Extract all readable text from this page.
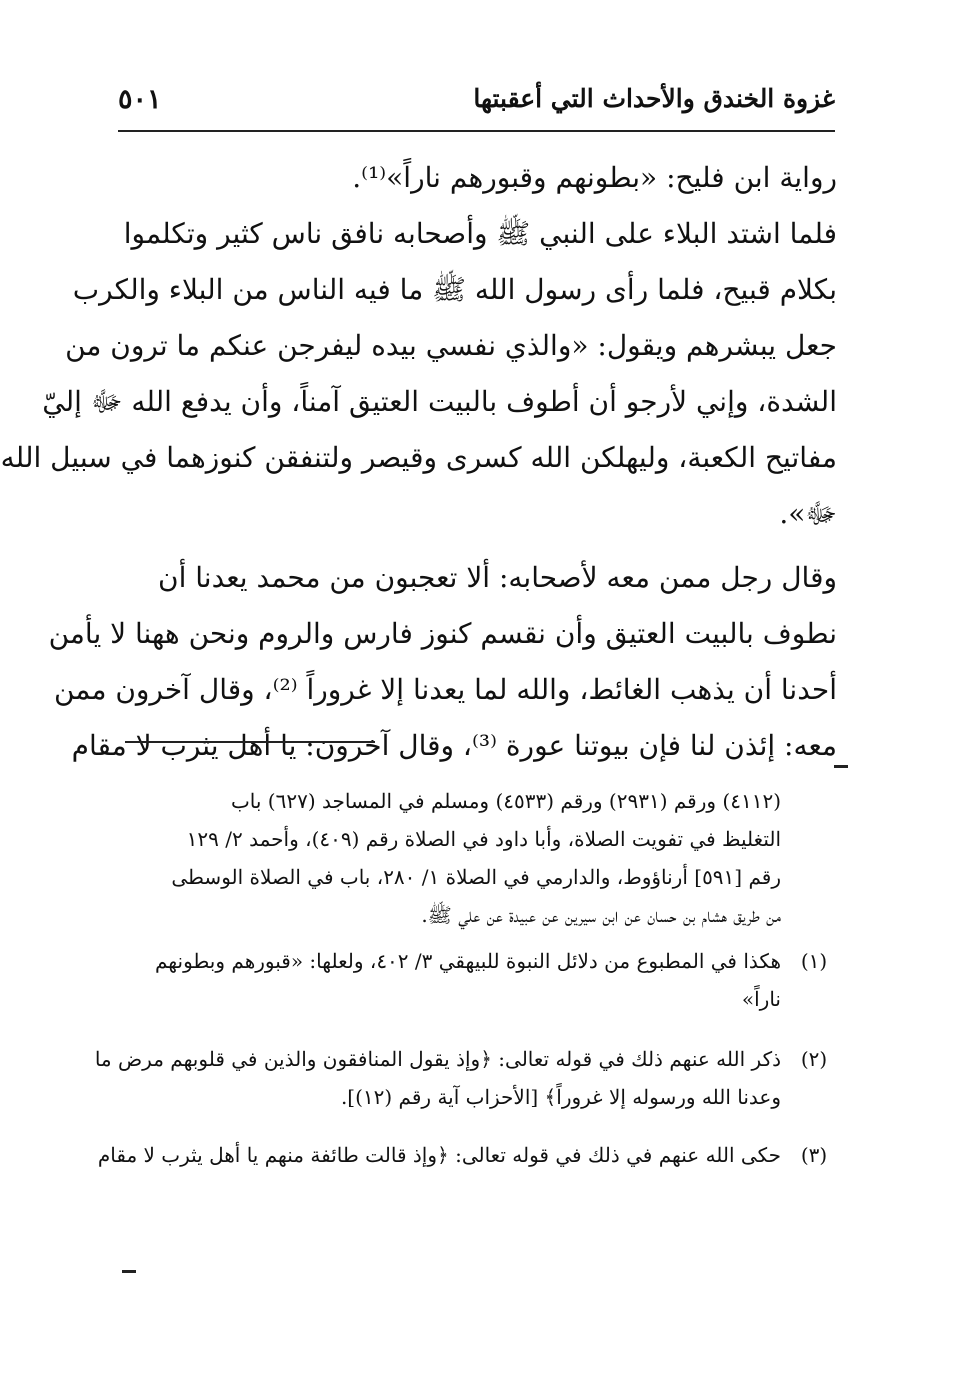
غزوة الخندق والأحداث التي أعقبتها
٥٠١
رواية ابن فليح: «بطونهم وقبورهم ناراً»⁽¹⁾.
فلما اشتد البلاء على النبي ﷺ وأصحابه نافق ناس كثير وتكلموا
بكلام قبيح، فلما رأى رسول الله ﷺ ما فيه الناس من البلاء والكرب
جعل يبشرهم ويقول: «والذي نفسي بيده ليفرجن عنكم ما ترون من
الشدة، وإني لأرجو أن أطوف بالبيت العتيق آمناً، وأن يدفع الله ﷻ إليّ
مفاتيح الكعبة، وليهلكن الله كسرى وقيصر ولتنفقن كنوزهما في سبيل الله
ﷻ».
وقال رجل ممن معه لأصحابه: ألا تعجبون من محمد يعدنا أن
نطوف بالبيت العتيق وأن نقسم كنوز فارس والروم ونحن ههنا لا يأمن
أحدنا أن يذهب الغائط، والله لما يعدنا إلا غروراً ⁽²⁾، وقال آخرون ممن
معه: إئذن لنا فإن بيوتنا عورة ⁽³⁾، وقال آخرون: يا أهل يثرب لا مقام
(٤١١٢) ورقم (٢٩٣١) ورقم (٤٥٣٣) ومسلم في المساجد (٦٢٧) باب
التغليظ في تفويت الصلاة، وأبا داود في الصلاة رقم (٤٠٩)، وأحمد ٢/ ١٢٩
رقم [٥٩١] أرناؤوط، والدارمي في الصلاة ١/ ٢٨٠، باب في الصلاة الوسطى
من طريق هشام بن حسان عن ابن سيرين عن عبيدة عن علي ﷺ.
(١)
هكذا في المطبوع من دلائل النبوة للبيهقي ٣/ ٤٠٢، ولعلها: «قبورهم وبطونهم
ناراً»
(٢)
ذكر الله عنهم ذلك في قوله تعالى: ﴿وإذ يقول المنافقون والذين في قلوبهم مرض ما
وعدنا الله ورسوله إلا غروراً﴾ [الأحزاب آية رقم (١٢)].
(٣)
حكى الله عنهم في ذلك في قوله تعالى: ﴿وإذ قالت طائفة منهم يا أهل يثرب لا مقام
